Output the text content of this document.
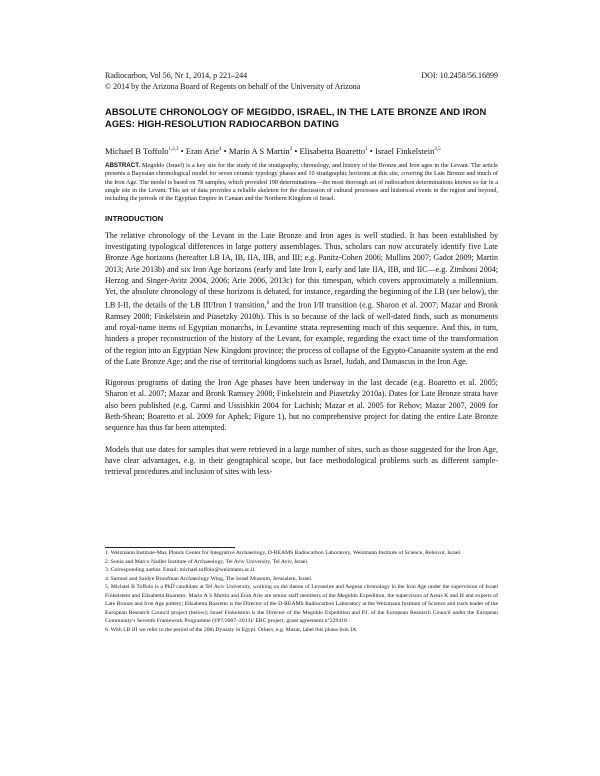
Radiocarbon, Vol 56, Nr 1, 2014, p 221–244	DOI: 10.2458/56.16899
© 2014 by the Arizona Board of Regents on behalf of the University of Arizona
ABSOLUTE CHRONOLOGY OF MEGIDDO, ISRAEL, IN THE LATE BRONZE AND IRON AGES: HIGH-RESOLUTION RADIOCARBON DATING
Michael B Toffolo$^{1,2,3}$ • Eran Arie$^4$ • Mario A S Martin$^2$ • Elisabetta Boaretto$^1$ • Israel Finkelstein$^{2,5}$
ABSTRACT. Megiddo (Israel) is a key site for the study of the stratigraphy, chronology, and history of the Bronze and Iron ages in the Levant. The article presents a Bayesian chronological model for seven ceramic typology phases and 10 stratigraphic horizons at this site, covering the Late Bronze and much of the Iron Age. The model is based on 78 samples, which provided 190 determinations—the most thorough set of radiocarbon determinations known so far in a single site in the Levant. This set of data provides a reliable skeleton for the discussion of cultural processes and historical events in the region and beyond, including the periods of the Egyptian Empire in Canaan and the Northern Kingdom of Israel.
INTRODUCTION
The relative chronology of the Levant in the Late Bronze and Iron ages is well studied. It has been established by investigating typological differences in large pottery assemblages. Thus, scholars can now accurately identify five Late Bronze Age horizons (hereafter LB IA, IB, IIA, IIB, and III; e.g. Panitz-Cohen 2006; Mullins 2007; Gadot 2009; Martin 2013; Arie 2013b) and six Iron Age horizons (early and late Iron I, early and late IIA, IIB, and IIC—e.g. Zimhoni 2004; Herzog and Singer-Avitz 2004, 2006; Arie 2006, 2013c) for this timespan, which covers approximately a millennium. Yet, the absolute chronology of these horizons is debated, for instance, regarding the beginning of the LB (see below), the LB I-II, the details of the LB III/Iron I transition,$^6$ and the Iron I/II transition (e.g. Sharon et al. 2007; Mazar and Bronk Ramsey 2008; Finkelstein and Piasetzky 2010b). This is so because of the lack of well-dated finds, such as monuments and royal-name items of Egyptian monarchs, in Levantine strata representing much of this sequence. And this, in turn, hinders a proper reconstruction of the history of the Levant, for example, regarding the exact time of the transformation of the region into an Egyptian New Kingdom province; the process of collapse of the Egypto-Canaanite system at the end of the Late Bronze Age; and the rise of territorial kingdoms such as Israel, Judah, and Damascus in the Iron Age.
Rigorous programs of dating the Iron Age phases have been underway in the last decade (e.g. Boaretto et al. 2005; Sharon et al. 2007; Mazar and Bronk Ramsey 2008; Finkelstein and Piasetzky 2010a). Dates for Late Bronze strata have also been published (e.g. Carmi and Ussishkin 2004 for Lachish; Mazar et al. 2005 for Rehov; Mazar 2007, 2009 for Beth-Shean; Boaretto et al. 2009 for Aphek; Figure 1), but no comprehensive project for dating the entire Late Bronze sequence has thus far been attempted.
Models that use dates for samples that were retrieved in a large number of sites, such as those suggested for the Iron Age, have clear advantages, e.g. in their geographical scope, but face methodological problems such as different sample-retrieval procedures and inclusion of sites with less-
1. Weizmann Institute-Max Planck Center for Integrative Archaeology, D-REAMS Radiocarbon Laboratory, Weizmann Institute of Science, Rehovot, Israel.
2. Sonia and Marco Nadler Institute of Archaeology, Tel Aviv University, Tel Aviv, Israel.
3. Corresponding author. Email: michael.toffolo@weizmann.ac.il.
4. Samuel and Saidye Bronfman Archaeology Wing, The Israel Museum, Jerusalem, Israel.
5. Michael B Toffolo is a PhD candidate at Tel Aviv University, working on the theme of Levantine and Aegean chronology in the Iron Age under the supervision of Israel Finkelstein and Elisabetta Boaretto; Mario A S Martin and Eran Arie are senior staff members of the Megiddo Expedition, the supervisors of Areas K and H and experts of Late Bronze and Iron Age pottery; Elisabetta Boaretto is the Director of the D-REAMS Radiocarbon Laboratory at the Weizmann Institute of Science and track leader of the European Research Council project (below); Israel Finkelstein is the Director of the Megiddo Expedition and P.I. of the European Research Council under the European Community's Seventh Framework Programme (FP7/2007–2013)/ ERC project, grant agreement n°229418.
6. With LB III we refer to the period of the 20th Dynasty in Egypt. Others, e.g. Mazar, label this phase Iron IA.
